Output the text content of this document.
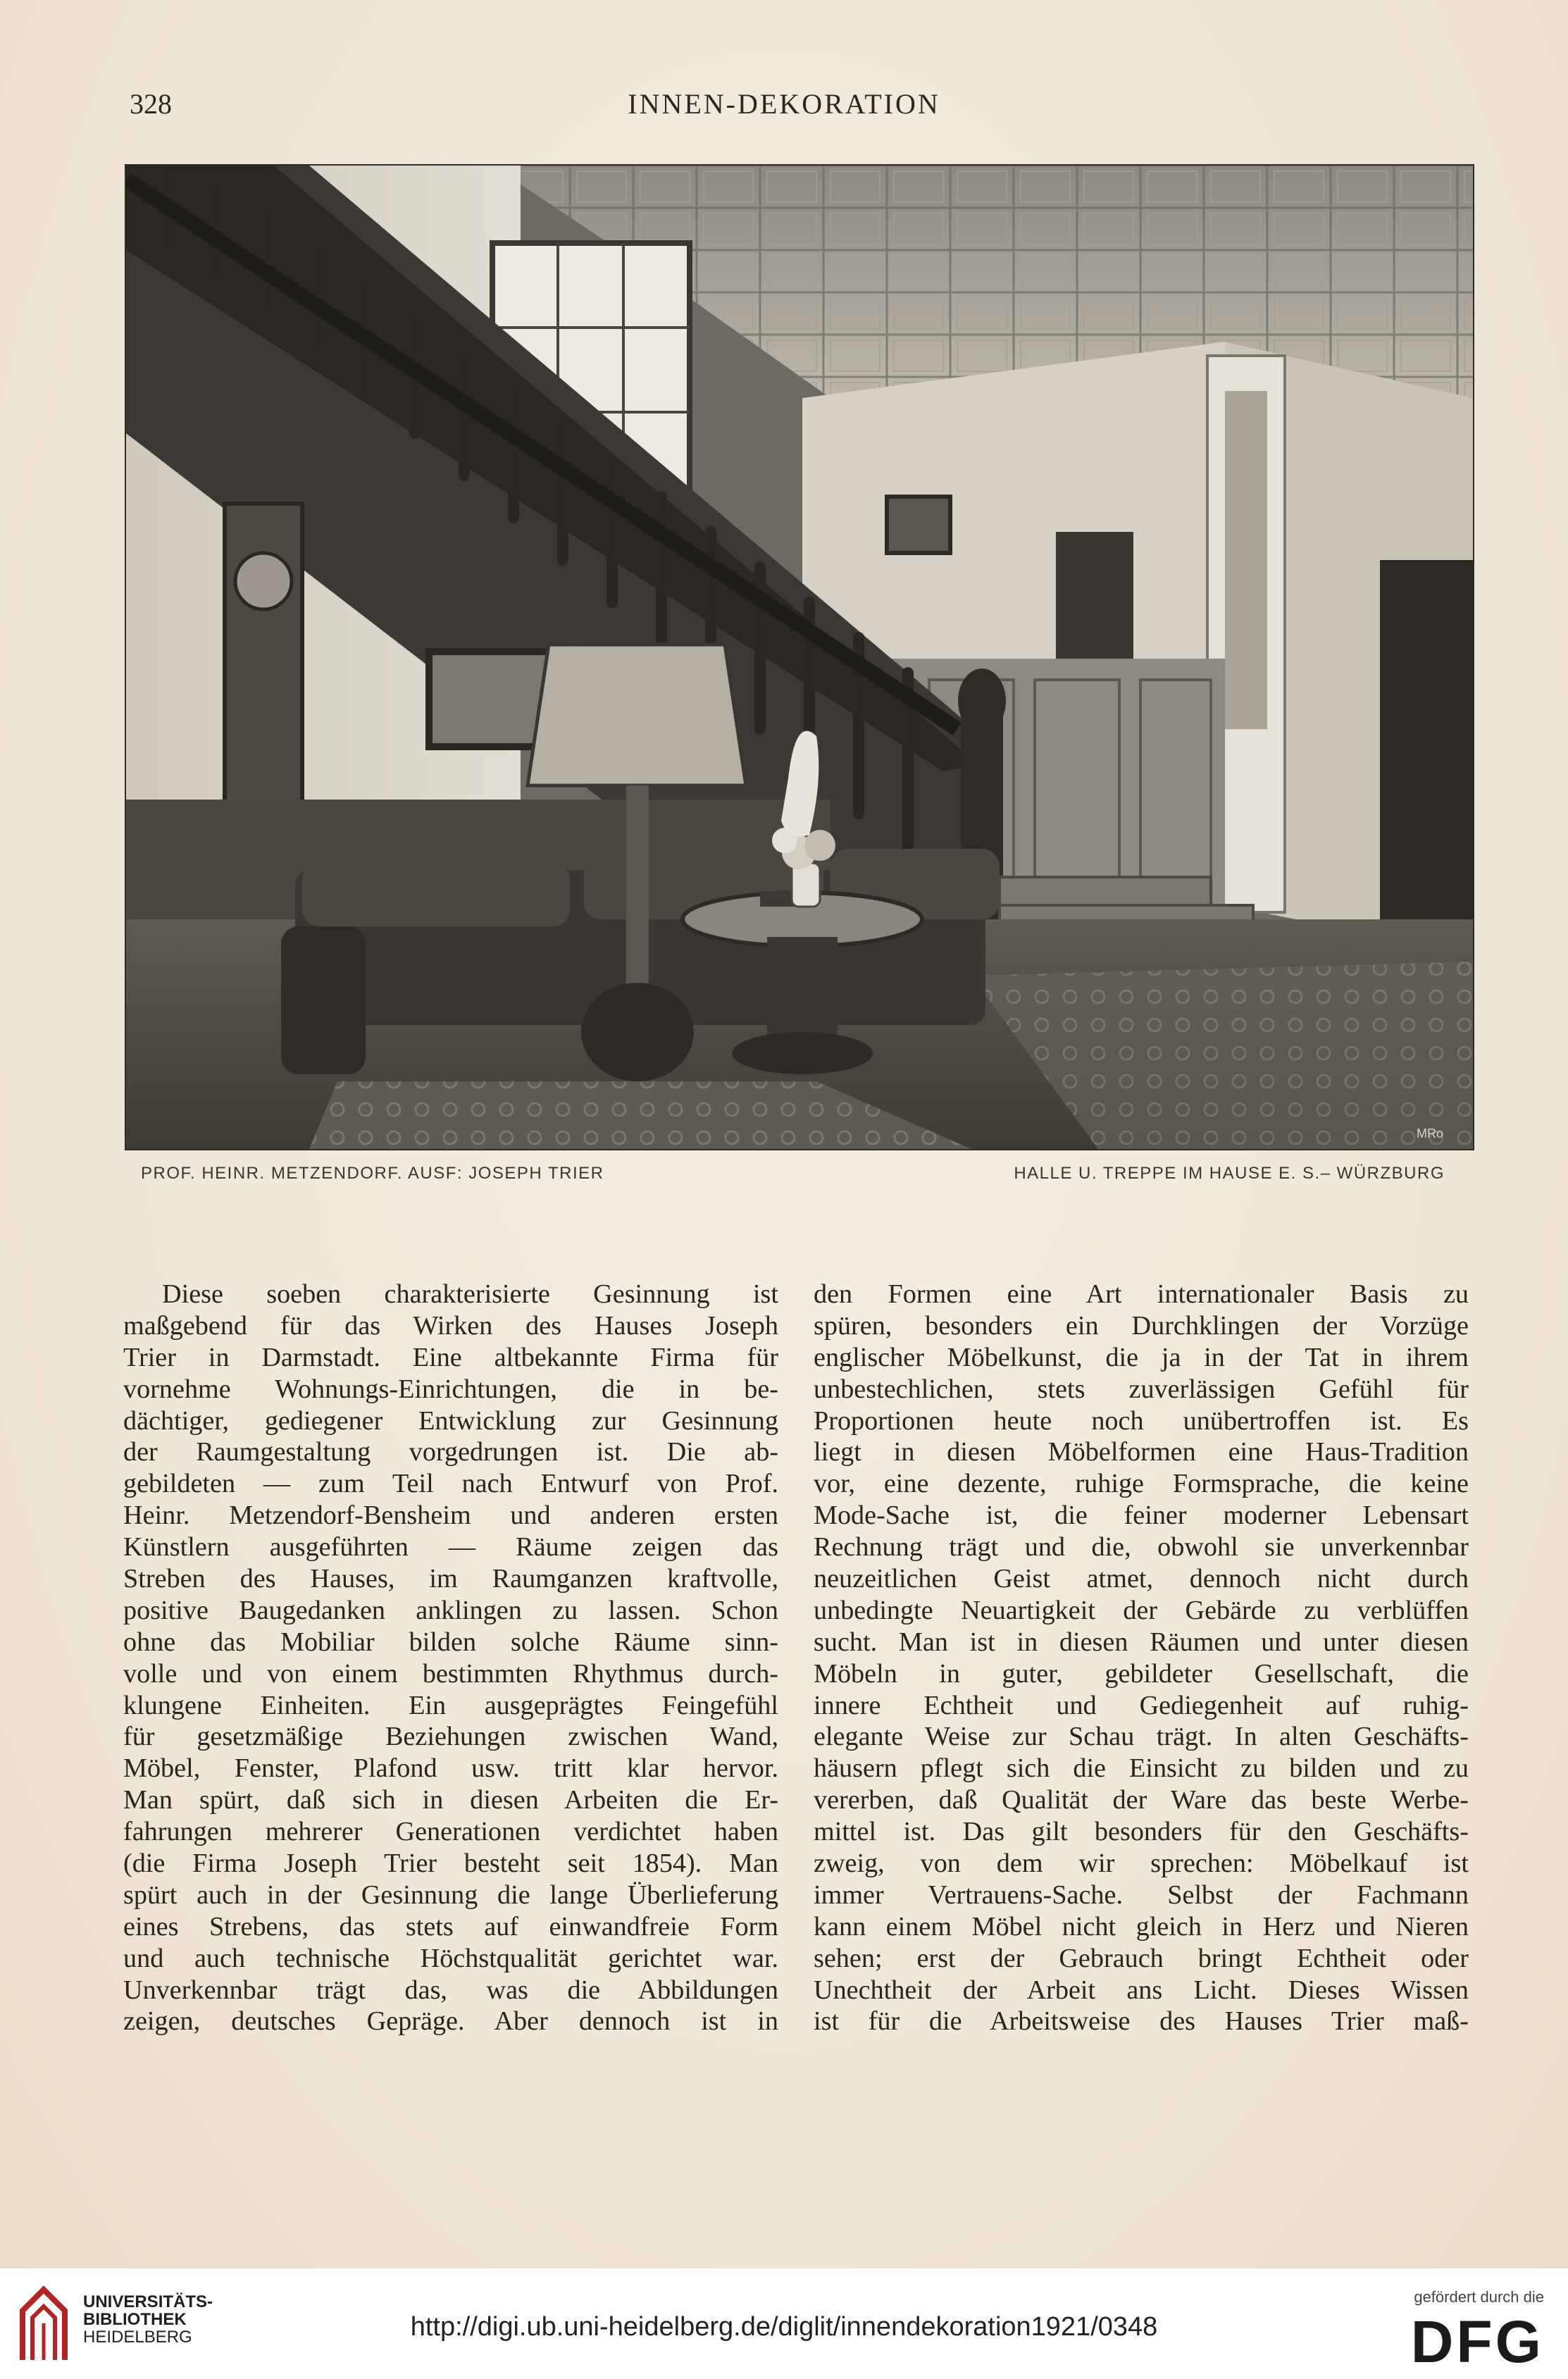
328	INNEN-DEKORATION
MRo
PROF. HEINR. METZENDORF. AUSF: JOSEPH TRIER	HALLE U. TREPPE IM HAUSE E. S.– WÜRZBURG
Diese soeben charakterisierte Gesinnung ist
maßgebend für das Wirken des Hauses Joseph
Trier in Darmstadt. Eine altbekannte Firma für
vornehme Wohnungs-Einrichtungen, die in be-
dächtiger, gediegener Entwicklung zur Gesinnung
der Raumgestaltung vorgedrungen ist. Die ab-
gebildeten — zum Teil nach Entwurf von Prof.
Heinr. Metzendorf-Bensheim und anderen ersten
Künstlern ausgeführten — Räume zeigen das
Streben des Hauses, im Raumganzen kraftvolle,
positive Baugedanken anklingen zu lassen. Schon
ohne das Mobiliar bilden solche Räume sinn-
volle und von einem bestimmten Rhythmus durch-
klungene Einheiten. Ein ausgeprägtes Feingefühl
für gesetzmäßige Beziehungen zwischen Wand,
Möbel, Fenster, Plafond usw. tritt klar hervor.
Man spürt, daß sich in diesen Arbeiten die Er-
fahrungen mehrerer Generationen verdichtet haben
(die Firma Joseph Trier besteht seit 1854). Man
spürt auch in der Gesinnung die lange Überlieferung
eines Strebens, das stets auf einwandfreie Form
und auch technische Höchstqualität gerichtet war.
Unverkennbar trägt das, was die Abbildungen
zeigen, deutsches Gepräge. Aber dennoch ist in
den Formen eine Art internationaler Basis zu
spüren, besonders ein Durchklingen der Vorzüge
englischer Möbelkunst, die ja in der Tat in ihrem
unbestechlichen, stets zuverlässigen Gefühl für
Proportionen heute noch unübertroffen ist. Es
liegt in diesen Möbelformen eine Haus-Tradition
vor, eine dezente, ruhige Formsprache, die keine
Mode-Sache ist, die feiner moderner Lebensart
Rechnung trägt und die, obwohl sie unverkennbar
neuzeitlichen Geist atmet, dennoch nicht durch
unbedingte Neuartigkeit der Gebärde zu verblüffen
sucht. Man ist in diesen Räumen und unter diesen
Möbeln in guter, gebildeter Gesellschaft, die
innere Echtheit und Gediegenheit auf ruhig-
elegante Weise zur Schau trägt. In alten Geschäfts-
häusern pflegt sich die Einsicht zu bilden und zu
vererben, daß Qualität der Ware das beste Werbe-
mittel ist. Das gilt besonders für den Geschäfts-
zweig, von dem wir sprechen: Möbelkauf ist
immer Vertrauens-Sache. Selbst der Fachmann
kann einem Möbel nicht gleich in Herz und Nieren
sehen; erst der Gebrauch bringt Echtheit oder
Unechtheit der Arbeit ans Licht. Dieses Wissen
ist für die Arbeitsweise des Hauses Trier maß-
UNIVERSITÄTS-
BIBLIOTHEK
HEIDELBERG	http://digi.ub.uni-heidelberg.de/diglit/innendekoration1921/0348
gefördert durch die
DFG
